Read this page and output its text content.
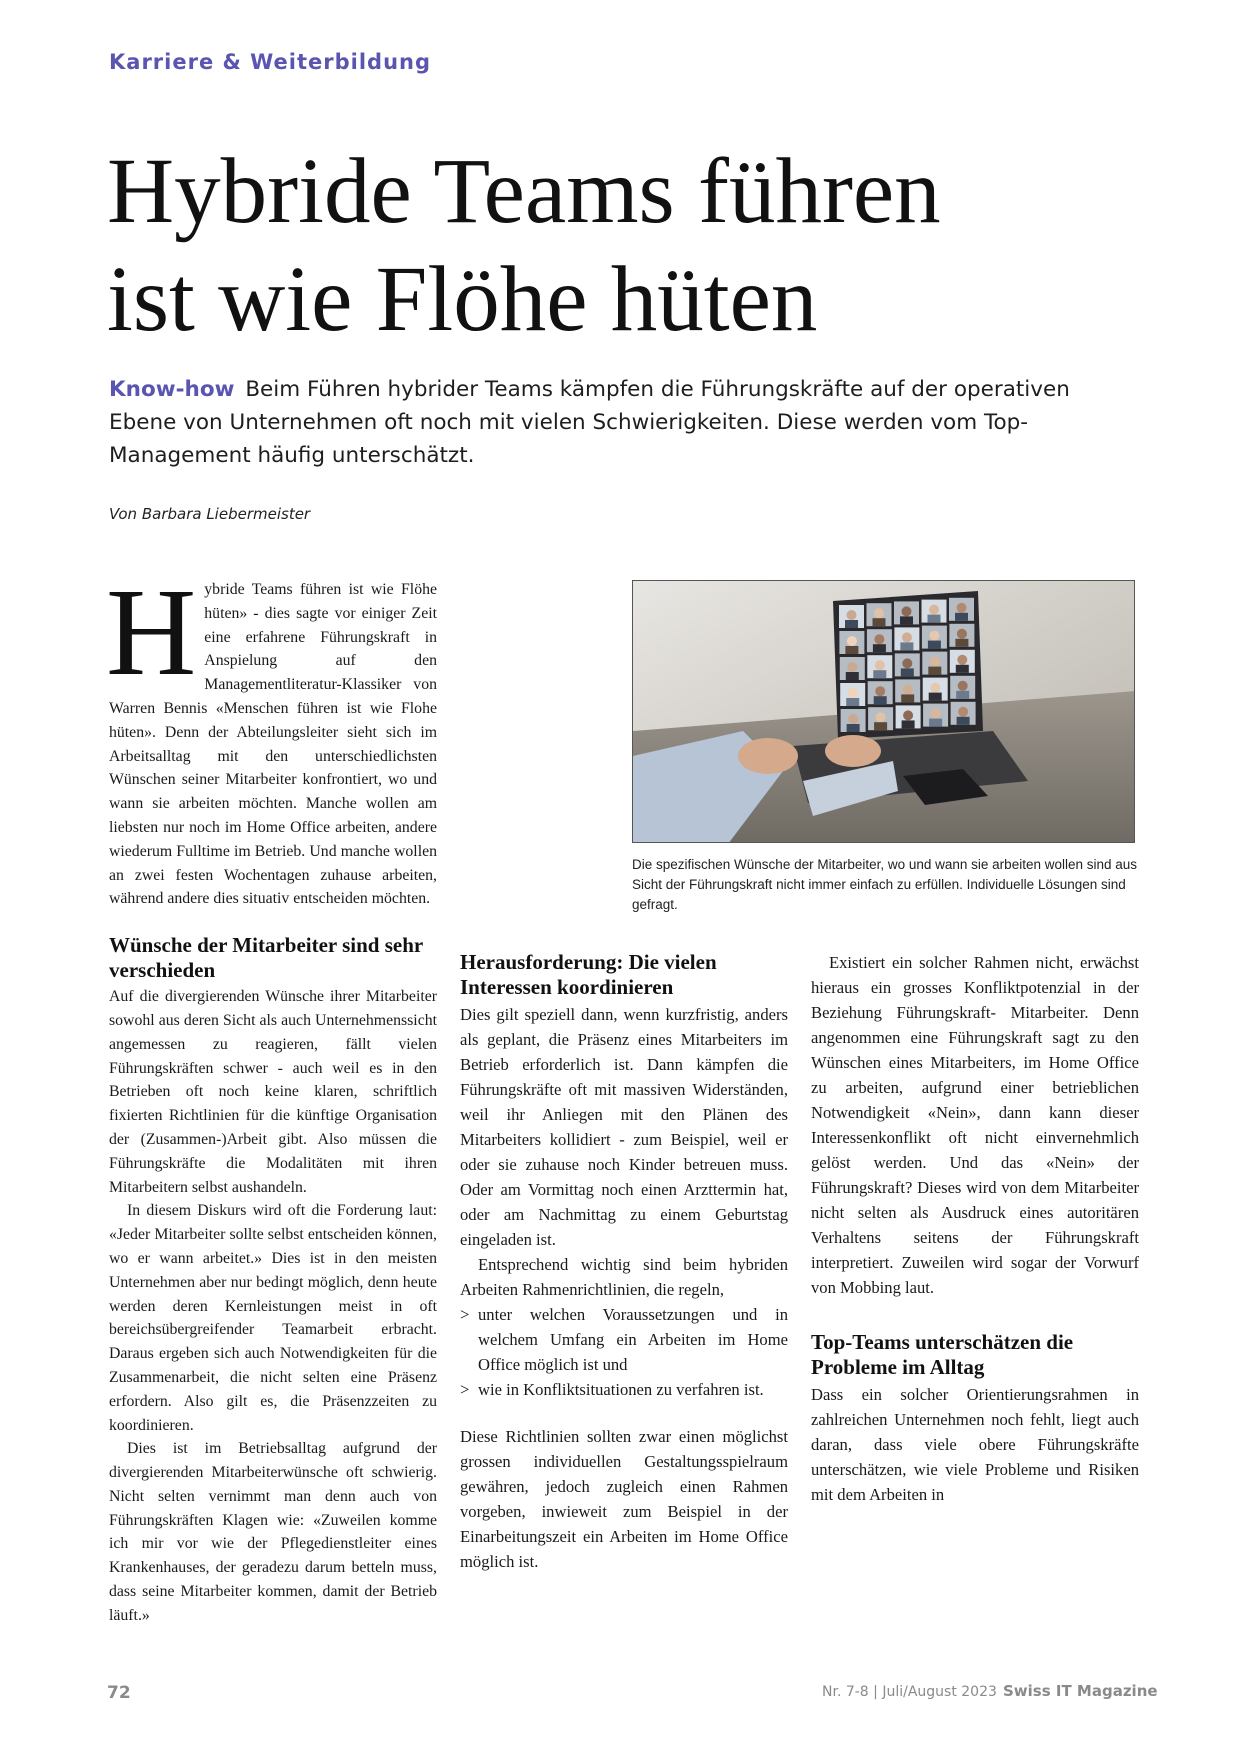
Karriere & Weiterbildung
Hybride Teams führen
ist wie Flöhe hüten
Know-how Beim Führen hybrider Teams kämpfen die Führungskräfte auf der operativen Ebene von Unternehmen oft noch mit vielen Schwierigkeiten. Diese werden vom Top-Management häufig unterschätzt.
Von Barbara Liebermeister

Hybride Teams führen ist wie Flöhe hüten» - dies sagte vor einiger Zeit eine erfahrene Führungskraft in Anspielung auf den Managementliteratur-Klassiker von Warren Bennis «Menschen führen ist wie Flohe hüten». Denn der Abteilungsleiter sieht sich im Arbeitsalltag mit den unterschiedlichsten Wünschen seiner Mitarbeiter konfrontiert, wo und wann sie arbeiten möchten. Manche wollen am liebsten nur noch im Home Office arbeiten, andere wiederum Fulltime im Betrieb. Und manche wollen an zwei festen Wochentagen zuhause arbeiten, während andere dies situativ entscheiden möchten.

Wünsche der Mitarbeiter sind sehr verschieden

Auf die divergierenden Wünsche ihrer Mitarbeiter sowohl aus deren Sicht als auch Unternehmenssicht angemessen zu reagieren, fällt vielen Führungskräften schwer - auch weil es in den Betrieben oft noch keine klaren, schriftlich fixierten Richtlinien für die künftige Organisation der (Zusammen-)Arbeit gibt. Also müssen die Führungskräfte die Modalitäten mit ihren Mitarbeitern selbst aushandeln.

In diesem Diskurs wird oft die Forderung laut: «Jeder Mitarbeiter sollte selbst entscheiden können, wo er wann arbeitet.» Dies ist in den meisten Unternehmen aber nur bedingt möglich, denn heute werden deren Kernleistungen meist in oft bereichsübergreifender Teamarbeit erbracht. Daraus ergeben sich auch Notwendigkeiten für die Zusammenarbeit, die nicht selten eine Präsenz erfordern. Also gilt es, die Präsenzzeiten zu koordinieren.

Dies ist im Betriebsalltag aufgrund der divergierenden Mitarbeiterwünsche oft schwierig. Nicht selten vernimmt man denn auch von Führungskräften Klagen wie: «Zuweilen komme ich mir vor wie der Pflegedienstleiter eines Krankenhauses, der geradezu darum betteln muss, dass seine Mitarbeiter kommen, damit der Betrieb läuft.»

Herausforderung: Die vielen Interessen koordinieren

Dies gilt speziell dann, wenn kurzfristig, anders als geplant, die Präsenz eines Mitarbeiters im Betrieb erforderlich ist. Dann kämpfen die Führungskräfte oft mit massiven Widerständen, weil ihr Anliegen mit den Plänen des Mitarbeiters kollidiert - zum Beispiel, weil er oder sie zuhause noch Kinder betreuen muss. Oder am Vormittag noch einen Arzttermin hat, oder am Nachmittag zu einem Geburtstag eingeladen ist.

Entsprechend wichtig sind beim hybriden Arbeiten Rahmenrichtlinien, die regeln,

> unter welchen Voraussetzungen und in welchem Umfang ein Arbeiten im Home Office möglich ist und
> wie in Konfliktsituationen zu verfahren ist.

Diese Richtlinien sollten zwar einen möglichst grossen individuellen Gestaltungsspielraum gewähren, jedoch zugleich einen Rahmen vorgeben, inwieweit zum Beispiel in der Einarbeitungszeit ein Arbeiten im Home Office möglich ist.

Existiert ein solcher Rahmen nicht, erwächst hieraus ein grosses Konfliktpotenzial in der Beziehung Führungskraft- Mitarbeiter. Denn angenommen eine Führungskraft sagt zu den Wünschen eines Mitarbeiters, im Home Office zu arbeiten, aufgrund einer betrieblichen Notwendigkeit «Nein», dann kann dieser Interessenkonflikt oft nicht einvernehmlich gelöst werden. Und das «Nein» der Führungskraft? Dieses wird von dem Mitarbeiter nicht selten als Ausdruck eines autoritären Verhaltens seitens der Führungskraft interpretiert. Zuweilen wird sogar der Vorwurf von Mobbing laut.

Top-Teams unterschätzen die Probleme im Alltag

Dass ein solcher Orientierungsrahmen in zahlreichen Unternehmen noch fehlt, liegt auch daran, dass viele obere Führungskräfte unterschätzen, wie viele Probleme und Risiken mit dem Arbeiten in

Die spezifischen Wünsche der Mitarbeiter, wo und wann sie arbeiten wollen sind aus Sicht der Führungskraft nicht immer einfach zu erfüllen. Individuelle Lösungen sind gefragt.
72	Nr. 7-8 | Juli/August 2023 Swiss IT Magazine
